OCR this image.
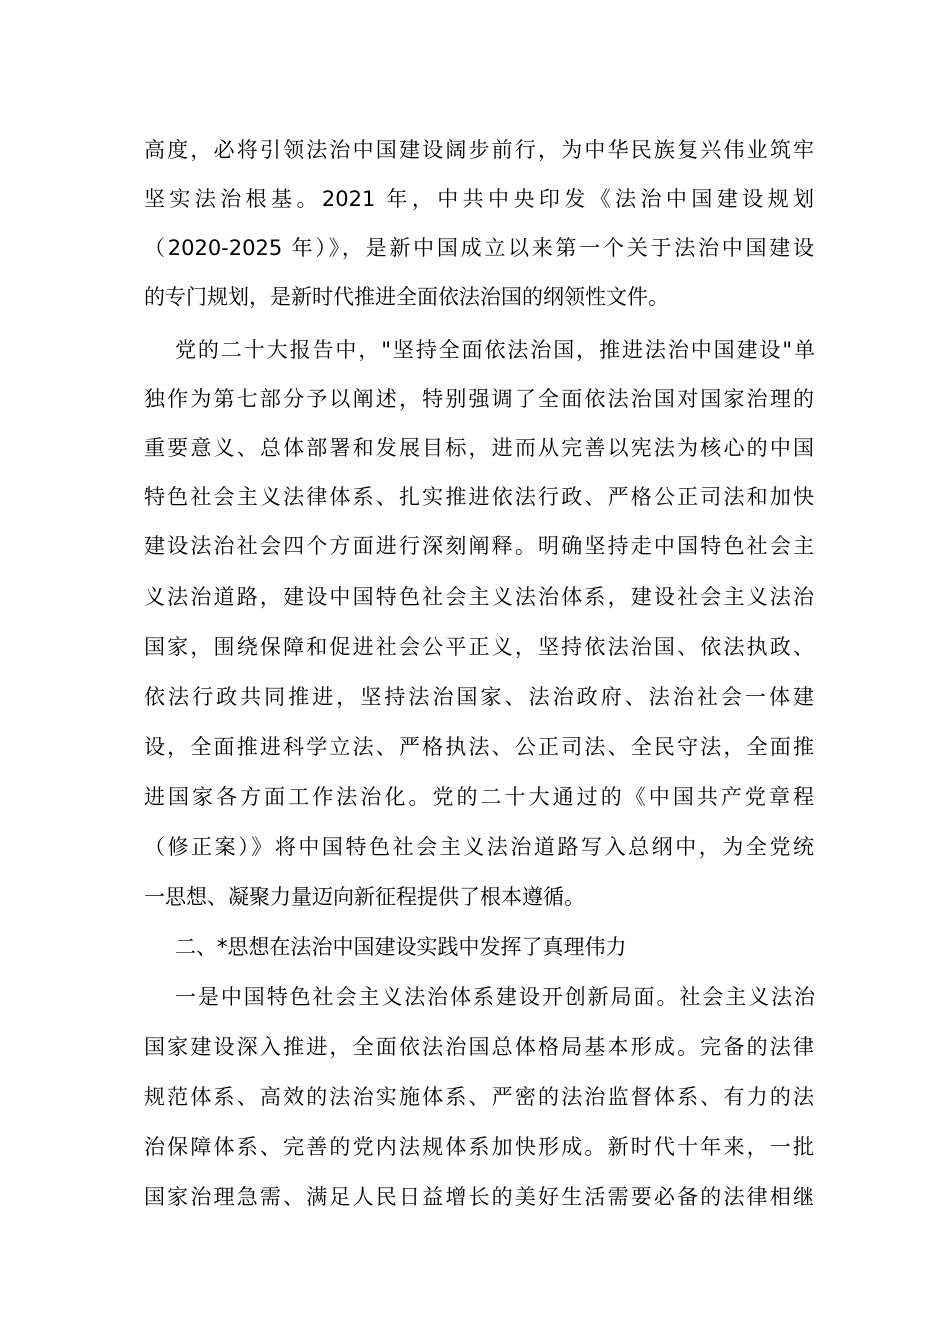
高度，必将引领法治中国建设阔步前行，为中华民族复兴伟业筑牢
坚实法治根基。2021 年，中共中央印发《法治中国建设规划
（2020-2025 年）》，是新中国成立以来第一个关于法治中国建设
的专门规划，是新时代推进全面依法治国的纲领性文件。
党的二十大报告中，"坚持全面依法治国，推进法治中国建设"单
独作为第七部分予以阐述，特别强调了全面依法治国对国家治理的
重要意义、总体部署和发展目标，进而从完善以宪法为核心的中国
特色社会主义法律体系、扎实推进依法行政、严格公正司法和加快
建设法治社会四个方面进行深刻阐释。明确坚持走中国特色社会主
义法治道路，建设中国特色社会主义法治体系，建设社会主义法治
国家，围绕保障和促进社会公平正义，坚持依法治国、依法执政、
依法行政共同推进，坚持法治国家、法治政府、法治社会一体建
设，全面推进科学立法、严格执法、公正司法、全民守法，全面推
进国家各方面工作法治化。党的二十大通过的《中国共产党章程
（修正案）》将中国特色社会主义法治道路写入总纲中，为全党统
一思想、凝聚力量迈向新征程提供了根本遵循。
二、*思想在法治中国建设实践中发挥了真理伟力
一是中国特色社会主义法治体系建设开创新局面。社会主义法治
国家建设深入推进，全面依法治国总体格局基本形成。完备的法律
规范体系、高效的法治实施体系、严密的法治监督体系、有力的法
治保障体系、完善的党内法规体系加快形成。新时代十年来，一批
国家治理急需、满足人民日益增长的美好生活需要必备的法律相继
